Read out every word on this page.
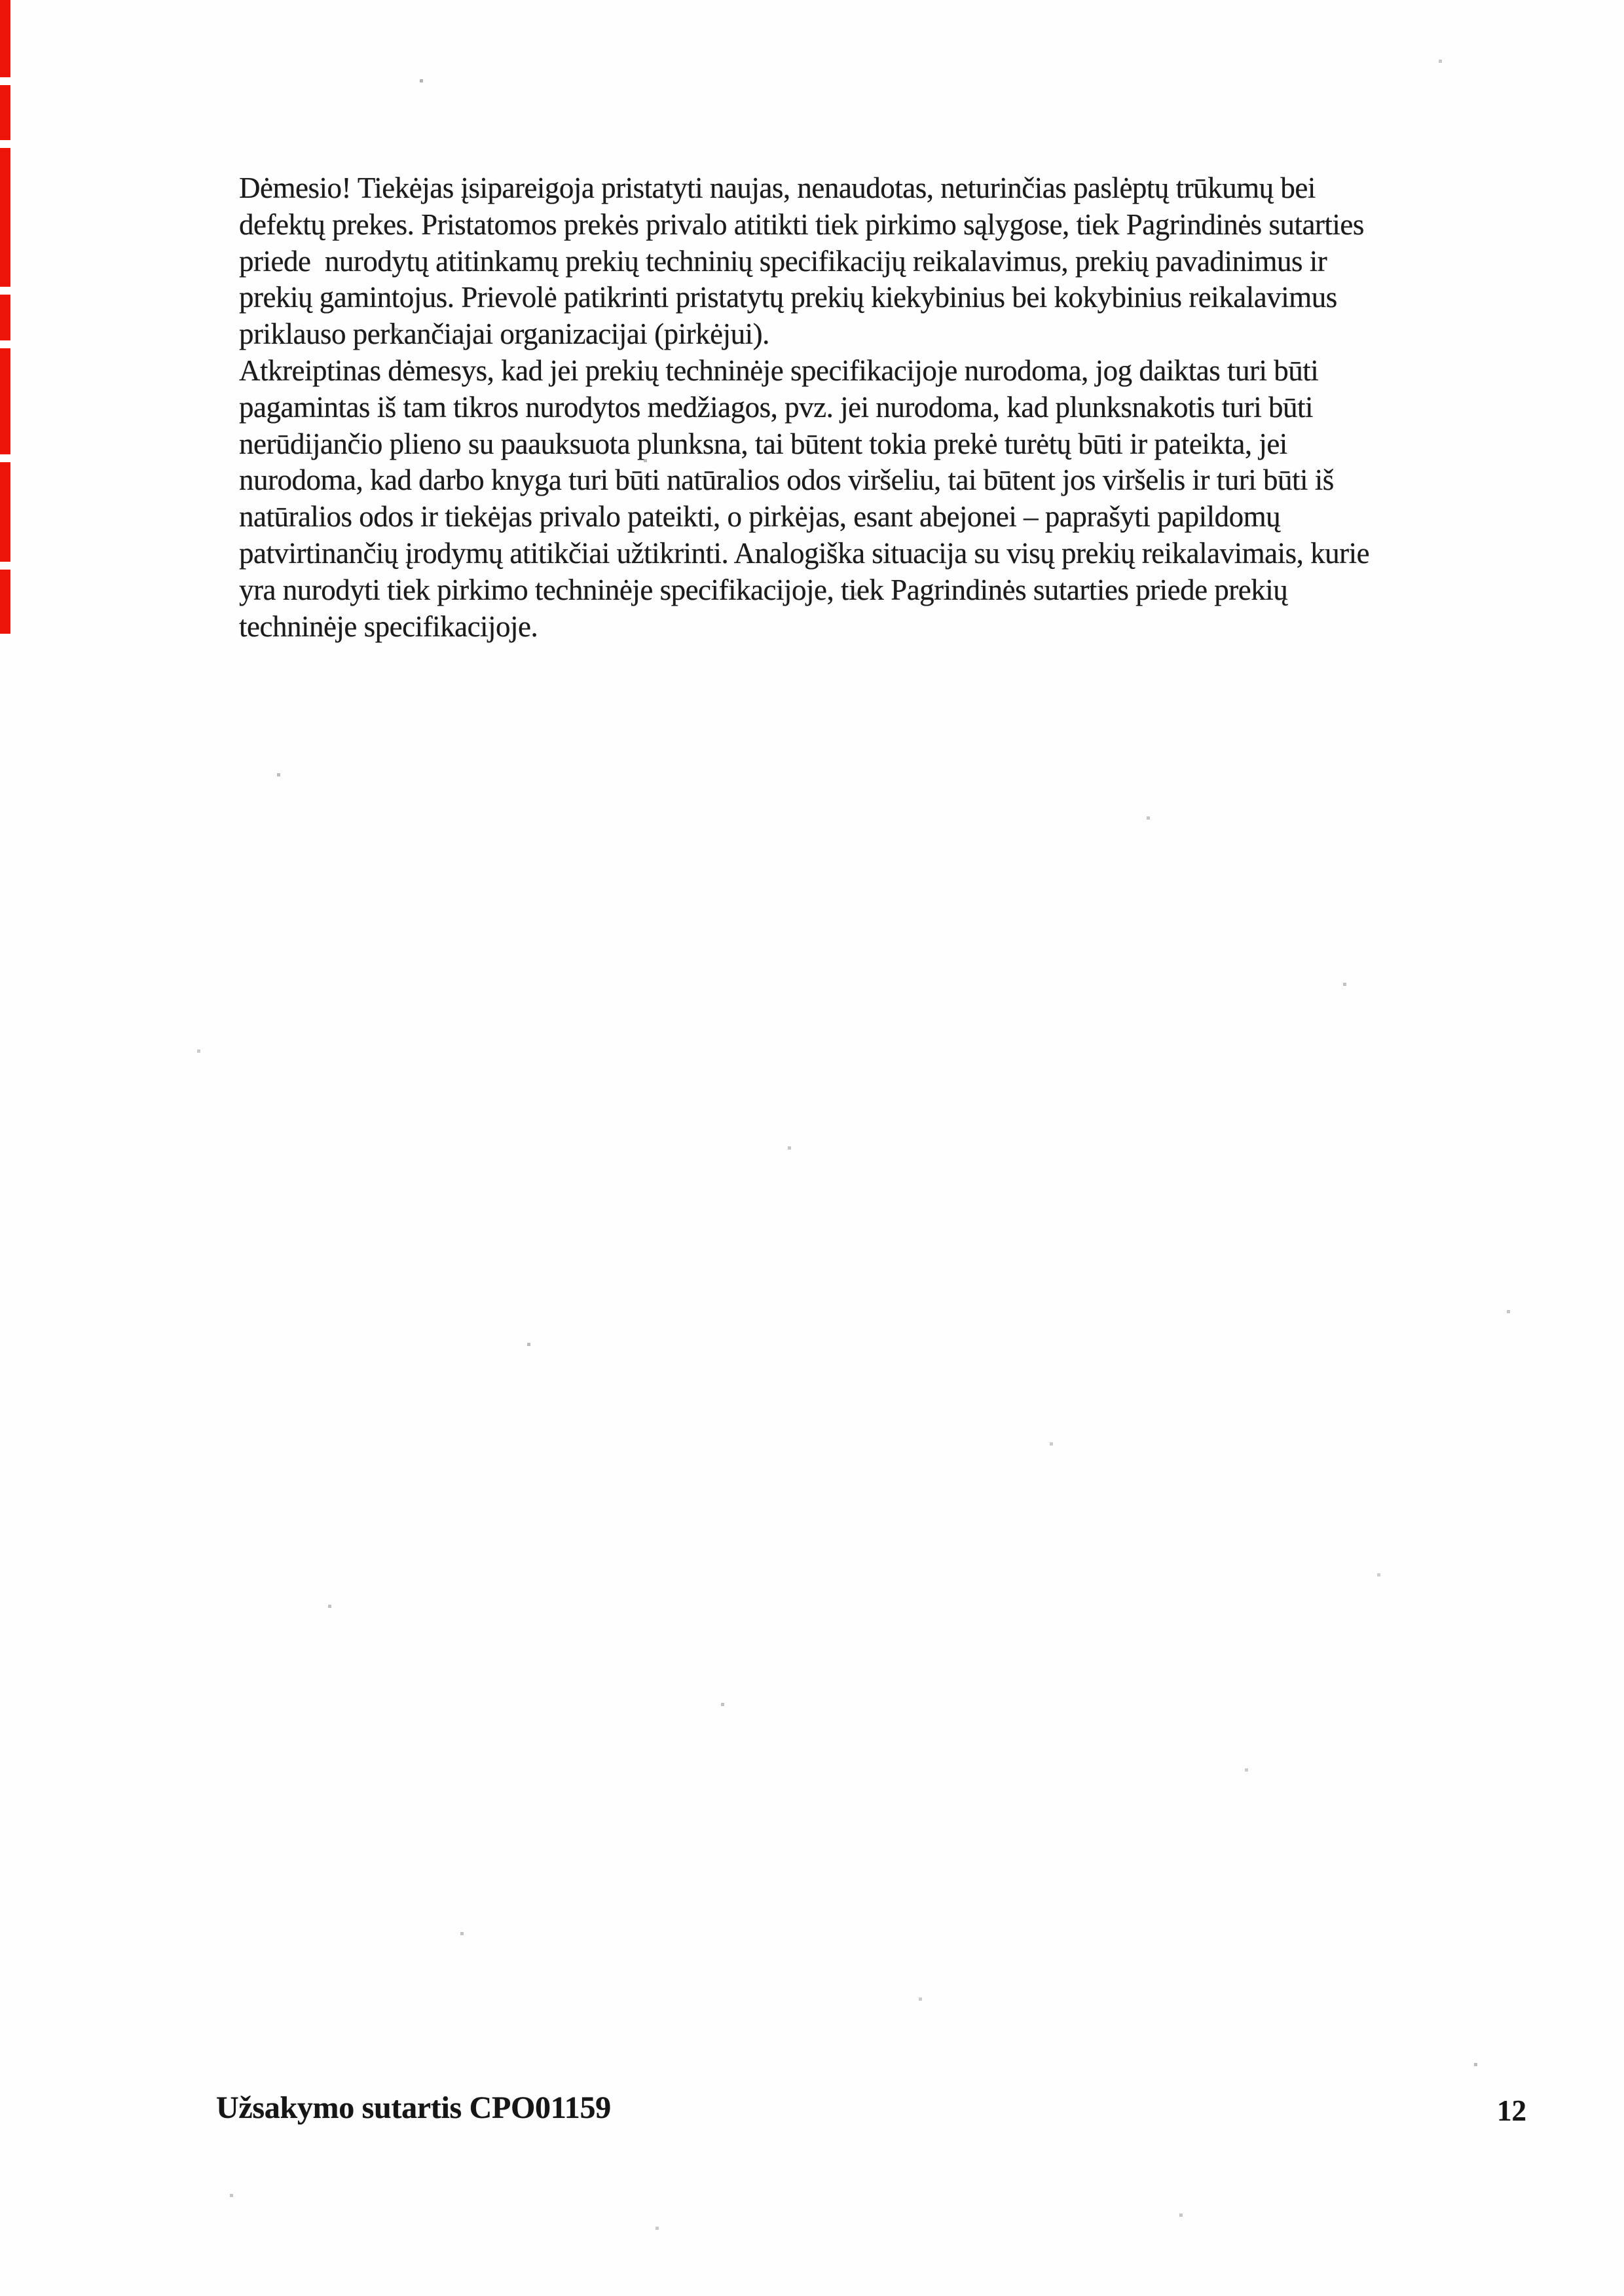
Dėmesio! Tiekėjas įsipareigoja pristatyti naujas, nenaudotas, neturinčias paslėptų trūkumų bei
defektų prekes. Pristatomos prekės privalo atitikti tiek pirkimo sąlygose, tiek Pagrindinės sutarties
priede  nurodytų atitinkamų prekių techninių specifikacijų reikalavimus, prekių pavadinimus ir
prekių gamintojus. Prievolė patikrinti pristatytų prekių kiekybinius bei kokybinius reikalavimus
priklauso perkančiajai organizacijai (pirkėjui).
Atkreiptinas dėmesys, kad jei prekių techninėje specifikacijoje nurodoma, jog daiktas turi būti
pagamintas iš tam tikros nurodytos medžiagos, pvz. jei nurodoma, kad plunksnakotis turi būti
nerūdijančio plieno su paauksuota plunksna, tai būtent tokia prekė turėtų būti ir pateikta, jei
nurodoma, kad darbo knyga turi būti natūralios odos viršeliu, tai būtent jos viršelis ir turi būti iš
natūralios odos ir tiekėjas privalo pateikti, o pirkėjas, esant abejonei – paprašyti papildomų
patvirtinančių įrodymų atitikčiai užtikrinti. Analogiška situacija su visų prekių reikalavimais, kurie
yra nurodyti tiek pirkimo techninėje specifikacijoje, tiek Pagrindinės sutarties priede prekių
techninėje specifikacijoje.
Užsakymo sutartis CPO01159	12
